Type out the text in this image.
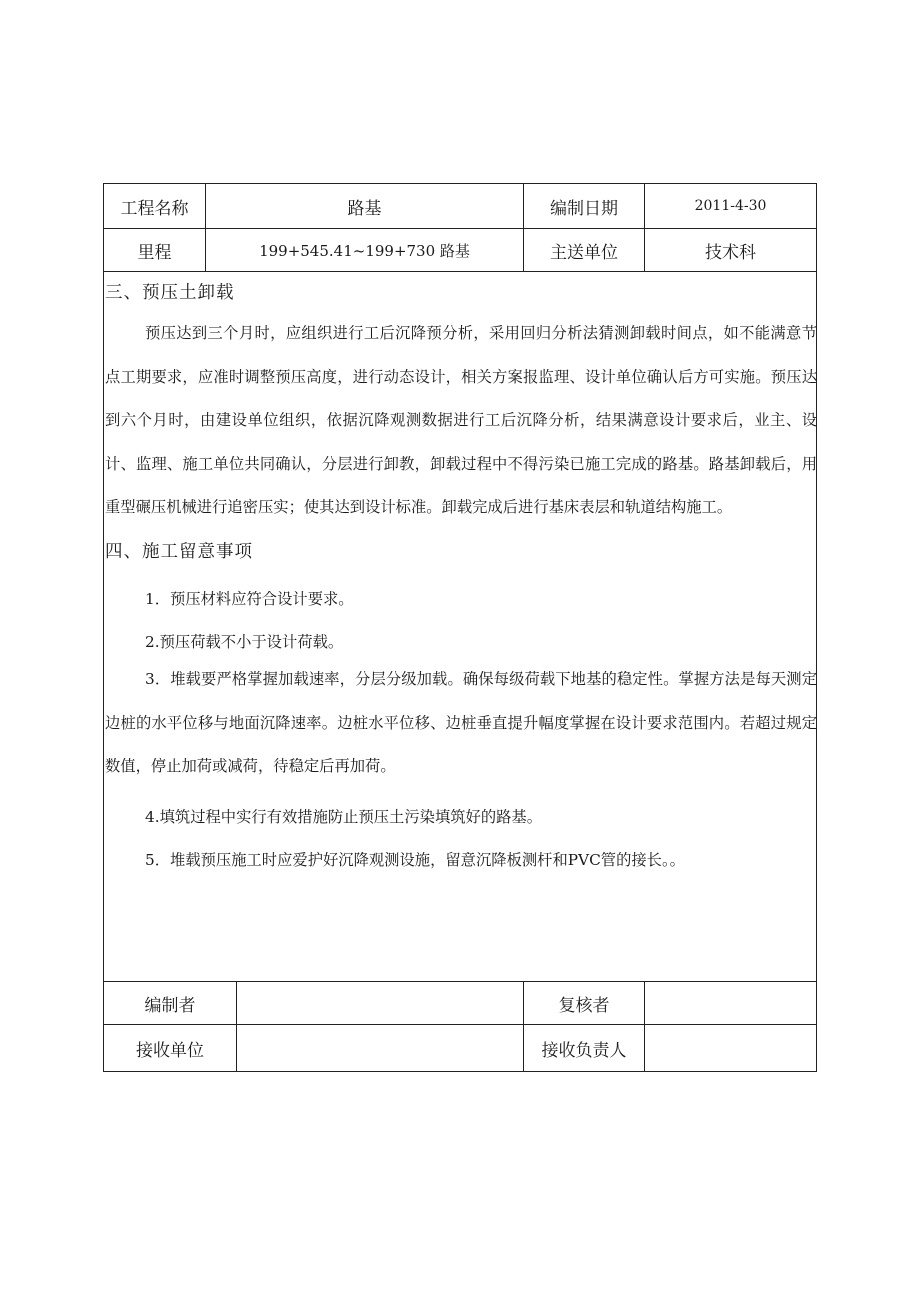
工程名称	路基	编制日期	2011-4-30
里程	199+545.41~199+730 路基	主送单位	技术科
三、预压土卸载

预压达到三个月时，应组织进行工后沉降预分析，采用回归分析法猜测卸载时间点，如不能满意节点工期要求，应准时调整预压高度，进行动态设计，相关方案报监理、设计单位确认后方可实施。预压达到六个月时，由建设单位组织，依据沉降观测数据进行工后沉降分析，结果满意设计要求后，业主、设计、监理、施工单位共同确认，分层进行卸教，卸载过程中不得污染已施工完成的路基。路基卸载后，用重型碾压机械进行追密压实；使其达到设计标准。卸载完成后进行基床表层和轨道结构施工。

四、施工留意事项

1．预压材料应符合设计要求。

2.预压荷载不小于设计荷载。

3．堆载要严格掌握加载速率，分层分级加载。确保每级荷载下地基的稳定性。掌握方法是每天测定边桩的水平位移与地面沉降速率。边桩水平位移、边桩垂直提升幅度掌握在设计要求范围内。若超过规定数值，停止加荷或减荷，待稳定后再加荷。

4.填筑过程中实行有效措施防止预压土污染填筑好的路基。

5．堆载预压施工时应爱护好沉降观测设施，留意沉降板测杆和PVC管的接长。。

编制者	复核者
接收单位	接收负责人
